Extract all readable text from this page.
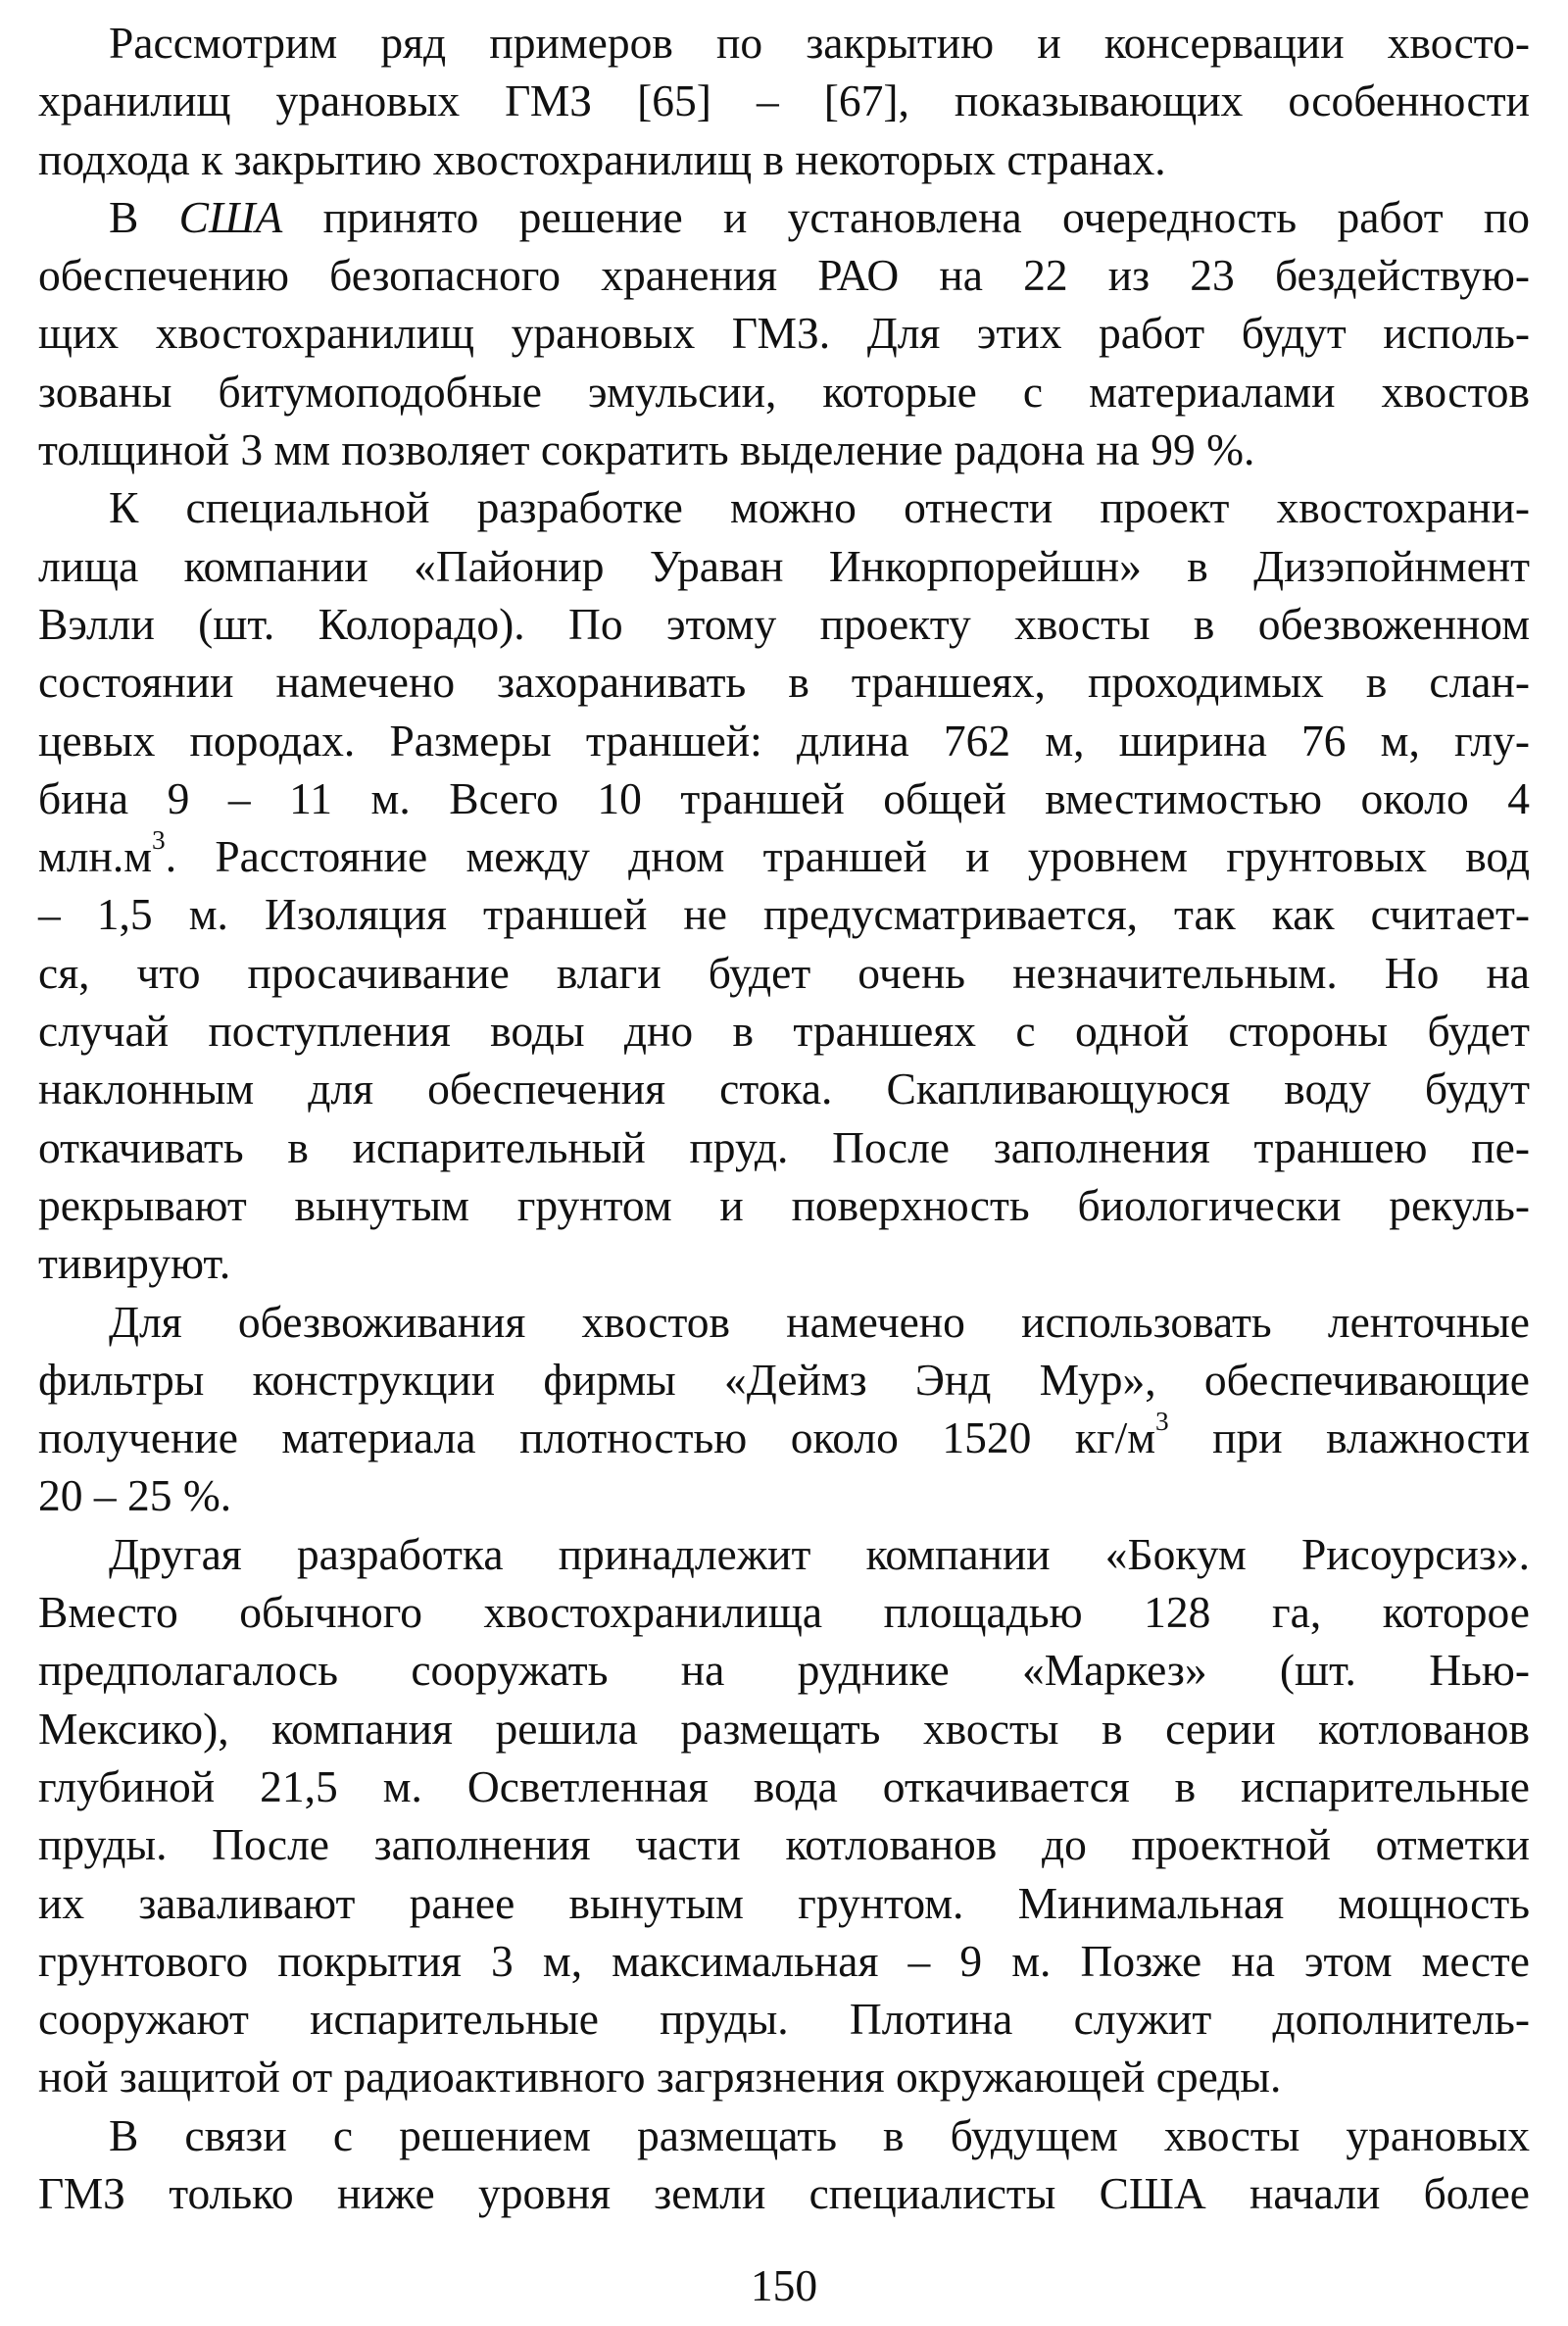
Рассмотрим ряд примеров по закрытию и консервации хвосто-
хранилищ урановых ГМЗ [65] – [67], показывающих особенности
подхода к закрытию хвостохранилищ в некоторых странах.
В США принято решение и установлена очередность работ по
обеспечению безопасного хранения РАО на 22 из 23 бездействую-
щих хвостохранилищ урановых ГМЗ. Для этих работ будут исполь-
зованы битумоподобные эмульсии, которые с материалами хвостов
толщиной 3 мм позволяет сократить выделение радона на 99 %.
К специальной разработке можно отнести проект хвостохрани-
лища компании «Пайонир Ураван Инкорпорейшн» в Дизэпойнмент
Вэлли (шт. Колорадо). По этому проекту хвосты в обезвоженном
состоянии намечено захоранивать в траншеях, проходимых в слан-
цевых породах. Размеры траншей: длина 762 м, ширина 76 м, глу-
бина 9 – 11 м. Всего 10 траншей общей вместимостью около 4
$млн.м^3$. Расстояние между дном траншей и уровнем грунтовых вод
– 1,5 м. Изоляция траншей не предусматривается, так как считает-
ся, что просачивание влаги будет очень незначительным. Но на
случай поступления воды дно в траншеях с одной стороны будет
наклонным для обеспечения стока. Скапливающуюся воду будут
откачивать в испарительный пруд. После заполнения траншею пе-
рекрывают вынутым грунтом и поверхность биологически рекуль-
тивируют.
Для обезвоживания хвостов намечено использовать ленточные
фильтры конструкции фирмы «Деймз Энд Мур», обеспечивающие
получение материала плотностью около 1520 $кг/м^3$ при влажности
20 – 25 %.
Другая разработка принадлежит компании «Бокум Рисоурсиз».
Вместо обычного хвостохранилища площадью 128 га, которое
предполагалось сооружать на руднике «Маркез» (шт. Нью-
Мексико), компания решила размещать хвосты в серии котлованов
глубиной 21,5 м. Осветленная вода откачивается в испарительные
пруды. После заполнения части котлованов до проектной отметки
их заваливают ранее вынутым грунтом. Минимальная мощность
грунтового покрытия 3 м, максимальная – 9 м. Позже на этом месте
сооружают испарительные пруды. Плотина служит дополнитель-
ной защитой от радиоактивного загрязнения окружающей среды.
В связи с решением размещать в будущем хвосты урановых
ГМЗ только ниже уровня земли специалисты США начали более
150
